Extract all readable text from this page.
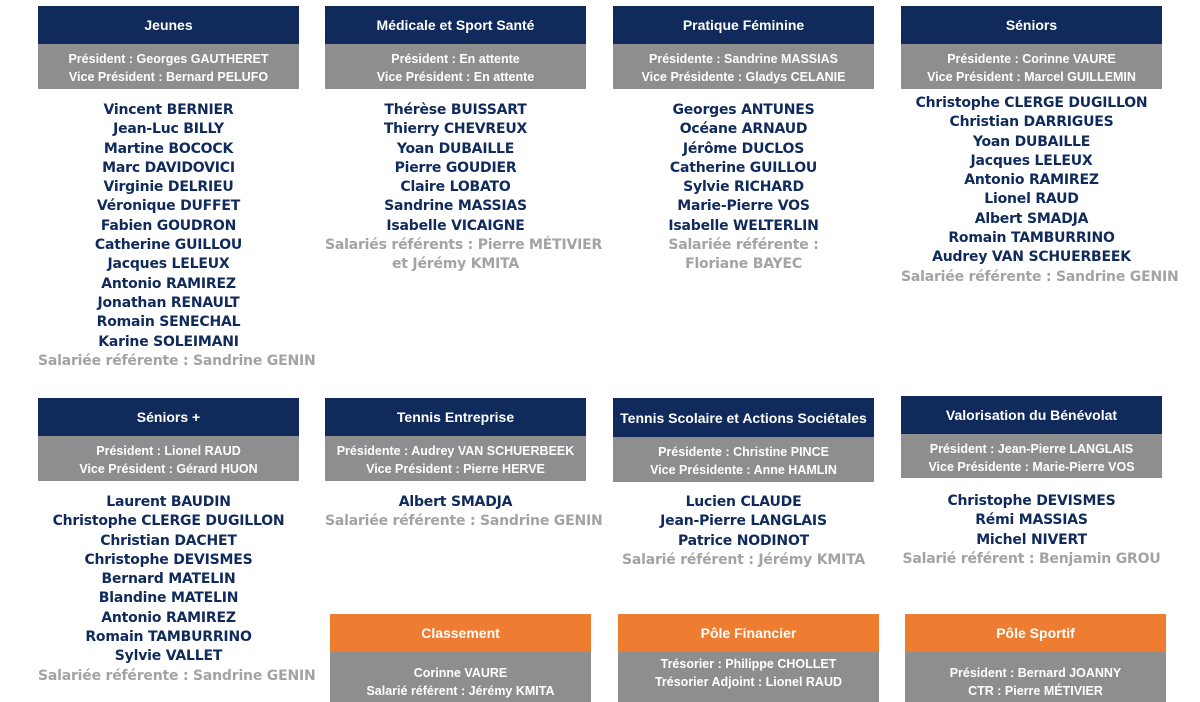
Jeunes
Président : Georges GAUTHERET
Vice Président : Bernard PELUFO
Vincent BERNIER
Jean-Luc BILLY
Martine BOCOCK
Marc DAVIDOVICI
Virginie DELRIEU
Véronique DUFFET
Fabien GOUDRON
Catherine GUILLOU
Jacques LELEUX
Antonio RAMIREZ
Jonathan RENAULT
Romain SENECHAL
Karine SOLEIMANI
Salariée référente : Sandrine GENIN
Médicale et Sport Santé
Président : En attente
Vice Président : En attente
Thérèse BUISSART
Thierry CHEVREUX
Yoan DUBAILLE
Pierre GOUDIER
Claire LOBATO
Sandrine MASSIAS
Isabelle VICAIGNE
Salariés référents : Pierre MÉTIVIER
et Jérémy KMITA
Pratique Féminine
Présidente : Sandrine MASSIAS
Vice Présidente : Gladys CELANIE
Georges ANTUNES
Océane ARNAUD
Jérôme DUCLOS
Catherine GUILLOU
Sylvie RICHARD
Marie-Pierre VOS
Isabelle WELTERLIN
Salariée référente :
Floriane BAYEC
Séniors
Présidente : Corinne VAURE
Vice Président : Marcel GUILLEMIN
Christophe CLERGE DUGILLON
Christian DARRIGUES
Yoan DUBAILLE
Jacques LELEUX
Antonio RAMIREZ
Lionel RAUD
Albert SMADJA
Romain TAMBURRINO
Audrey VAN SCHUERBEEK
Salariée référente : Sandrine GENIN
Séniors +
Président : Lionel RAUD
Vice Président : Gérard HUON
Laurent BAUDIN
Christophe CLERGE DUGILLON
Christian DACHET
Christophe DEVISMES
Bernard MATELIN
Blandine MATELIN
Antonio RAMIREZ
Romain TAMBURRINO
Sylvie VALLET
Salariée référente : Sandrine GENIN
Tennis Entreprise
Présidente : Audrey VAN SCHUERBEEK
Vice Président : Pierre HERVE
Albert SMADJA
Salariée référente : Sandrine GENIN
Tennis Scolaire et Actions Sociétales
Présidente : Christine PINCE
Vice Présidente : Anne HAMLIN
Lucien CLAUDE
Jean-Pierre LANGLAIS
Patrice NODINOT
Salarié référent : Jérémy KMITA
Valorisation du Bénévolat
Président : Jean-Pierre LANGLAIS
Vice Présidente : Marie-Pierre VOS
Christophe DEVISMES
Rémi MASSIAS
Michel NIVERT
Salarié référent : Benjamin GROU
Classement
Corinne VAURE
Salarié référent : Jérémy KMITA
Pôle Financier
Trésorier : Philippe CHOLLET
Trésorier Adjoint : Lionel RAUD
Pôle Sportif
Président : Bernard JOANNY
CTR : Pierre MÉTIVIER
